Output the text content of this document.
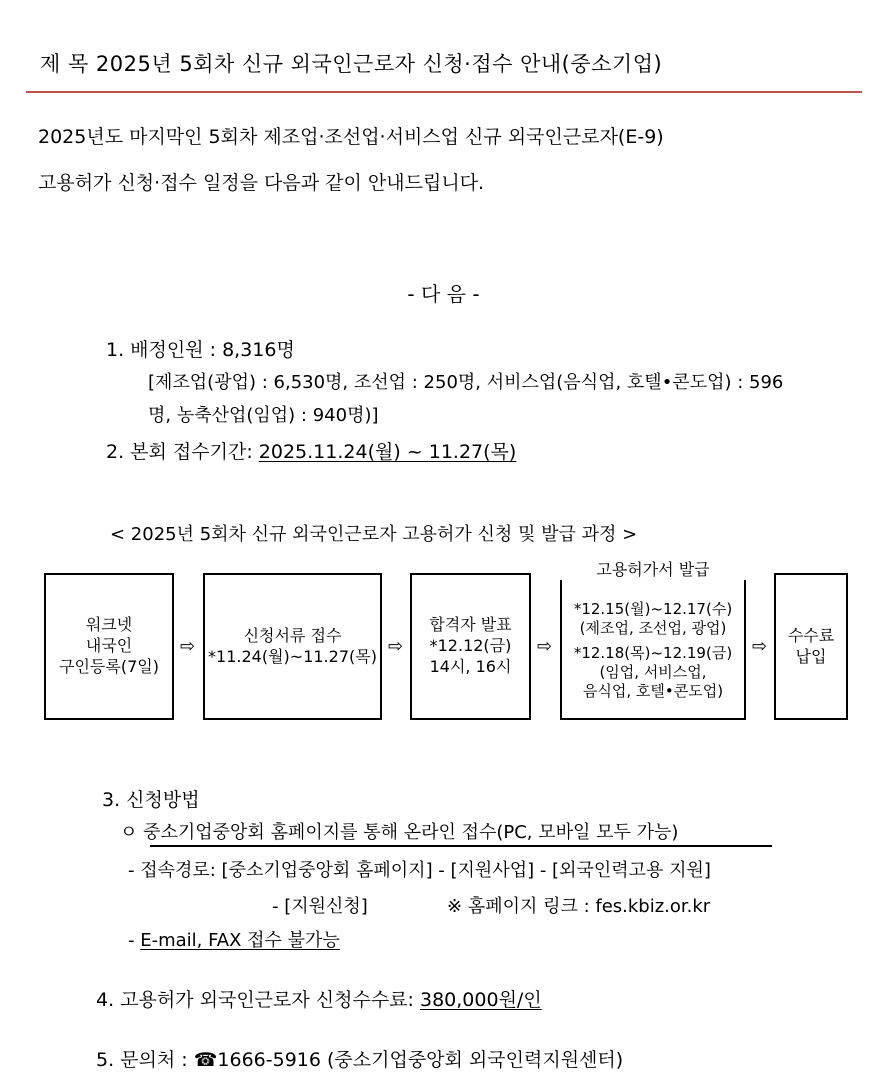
제 목 2025년 5회차 신규 외국인근로자 신청·접수 안내(중소기업)
2025년도 마지막인 5회차 제조업·조선업·서비스업 신규 외국인근로자(E-9)
고용허가 신청·접수 일정을 다음과 같이 안내드립니다.
- 다 음 -
1. 배정인원 : 8,316명
[제조업(광업) : 6,530명, 조선업 : 250명, 서비스업(음식업, 호텔•콘도업) : 596
명, 농축산업(임업) : 940명)]
2. 본회 접수기간: 2025.11.24(월) ~ 11.27(목)
< 2025년 5회차 신규 외국인근로자 고용허가 신청 및 발급 과정 >
워크넷
내국인
구인등록(7일)
⇨
신청서류 접수
*11.24(월)~11.27(목) ⇨
합격자 발표
*12.12(금)
14시, 16시
⇨
*12.15(월)~12.17(수)
(제조업, 조선업, 광업)
*12.18(목)~12.19(금)
(임업, 서비스업,
음식업, 호텔•콘도업)
고용허가서 발급
⇨
수수료
납입
3. 신청방법
ㅇ 중소기업중앙회 홈페이지를 통해 온라인 접수(PC, 모바일 모두 가능)
- 접속경로: [중소기업중앙회 홈페이지] - [지원사업] - [외국인력고용 지원]
- [지원신청]	※ 홈페이지 링크 : fes.kbiz.or.kr
- E-mail, FAX 접수 불가능
4. 고용허가 외국인근로자 신청수수료: 380,000원/인
5. 문의처 : ☎1666-5916 (중소기업중앙회 외국인력지원센터)
